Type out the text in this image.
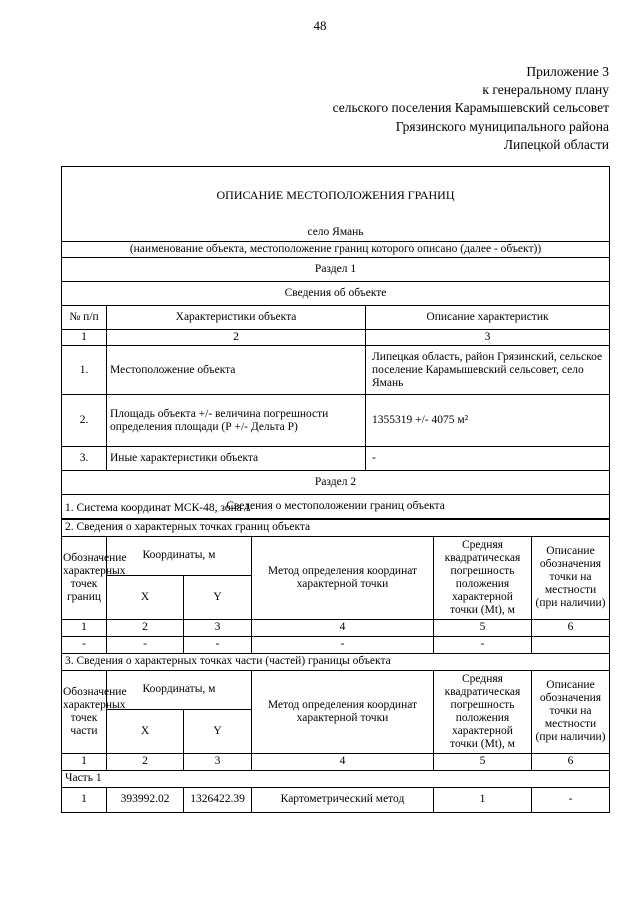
48
Приложение 3
к генеральному плану
сельского поселения Карамышевский сельсовет
Грязинского муниципального района
Липецкой области
ОПИСАНИЕ МЕСТОПОЛОЖЕНИЯ ГРАНИЦ		
село Ямань		
(наименование объекта, местоположение границ которого описано (далее - объект))		
Раздел 1		
Сведения об объекте		
№ п/п	Характеристики объекта	Описание характеристик
1	2	3
1.	Местоположение объекта	Липецкая область, район Грязинский, сельское поселение Карамышевский сельсовет, село Ямань
2.	Площадь объекта +/- величина погрешности определения площади (Р +/- Дельта Р)	1355319 +/- 4075 м²
3.	Иные характеристики объекта	-
Раздел 2		
Сведения о местоположении границ объекта		
1. Система координат МСК-48, зона 1					
2. Сведения о характерных точках границ объекта					
Обозначение характерных точек границ	Координаты, м		Метод определения координат характерной точки	Средняя квадратическая погрешность положения характерной точки (Мt), м	Описание обозначения точки на местности (при наличии)
	X	Y			
1	2	3	4	5	6
-	-	-	-	-	
3. Сведения о характерных точках части (частей) границы объекта					
Обозначение характерных точек части	Координаты, м		Метод определения координат характерной точки	Средняя квадратическая погрешность положения характерной точки (Мt), м	Описание обозначения точки на местности (при наличии)
	X	Y			
1	2	3	4	5	6
Часть 1					
1	393992.02	1326422.39	Картометрический метод	1	-
